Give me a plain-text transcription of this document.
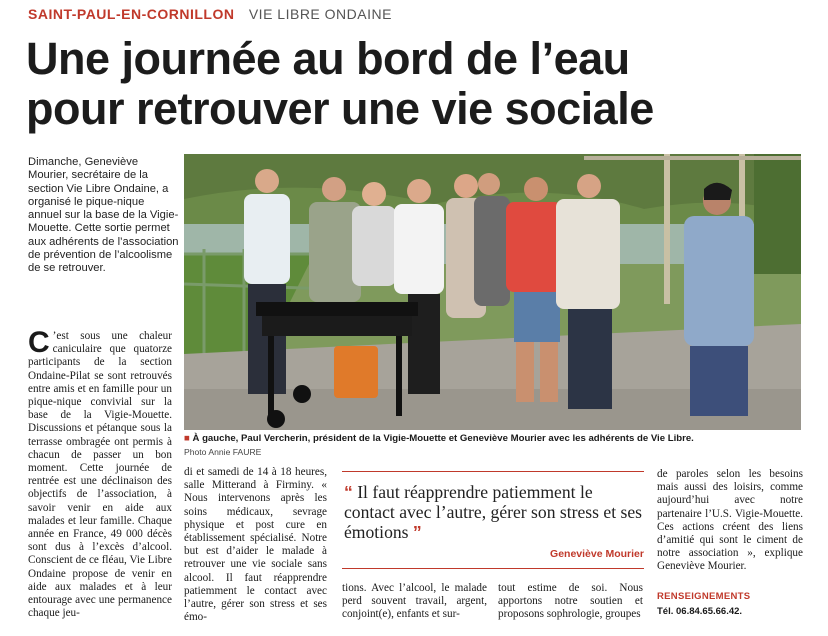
SAINT-PAUL-EN-CORNILLON VIE LIBRE ONDAINE
Une journée au bord de l’eau
pour retrouver une vie sociale
Dimanche, Geneviève Mourier, secrétaire de la section Vie Libre Ondaine, a organisé le pique-nique annuel sur la base de la Vigie-Mouette. Cette sortie permet aux adhérents de l’association de prévention de l’alcoolisme de se retrouver.
■ À gauche, Paul Vercherin, président de la Vigie-Mouette et Geneviève Mourier avec les adhérents de Vie Libre.
Photo Annie FAURE
C ’est sous une chaleur caniculaire que quatorze participants de la section Ondaine-Pilat se sont retrouvés entre amis et en famille pour un pique-nique convivial sur la base de la Vigie-Mouette. Discussions et pétanque sous la terrasse ombragée ont permis à chacun de passer un bon moment. Cette journée de rentrée est une déclinaison des objectifs de l’association, à savoir venir en aide aux malades et leur famille. Chaque année en France, 49 000 décès sont dus à l’excès d’alcool. Conscient de ce fléau, Vie Libre Ondaine propose de venir en aide aux malades et à leur entourage avec une permanence chaque jeu-
di et samedi de 14 à 18 heures, salle Mitterand à Firminy. « Nous intervenons après les soins médicaux, sevrage physique et post cure en établissement spécialisé. Notre but est d’aider le malade à retrouver une vie sociale sans alcool. Il faut réapprendre patiemment le contact avec l’autre, gérer son stress et ses émo-
“ Il faut réapprendre patiemment le contact avec l’autre, gérer son stress et ses émotions ”
Geneviève Mourier
tions. Avec l’alcool, le malade perd souvent travail, argent, conjoint(e), enfants et sur-
tout estime de soi. Nous apportons notre soutien et proposons sophrologie, groupes
de paroles selon les besoins mais aussi des loisirs, comme aujourd’hui avec notre partenaire l’U.S. Vigie-Mouette. Ces actions créent des liens d’amitié qui sont le ciment de notre association », explique Geneviève Mourier.
RENSEIGNEMENTS
Tél. 06.84.65.66.42.
